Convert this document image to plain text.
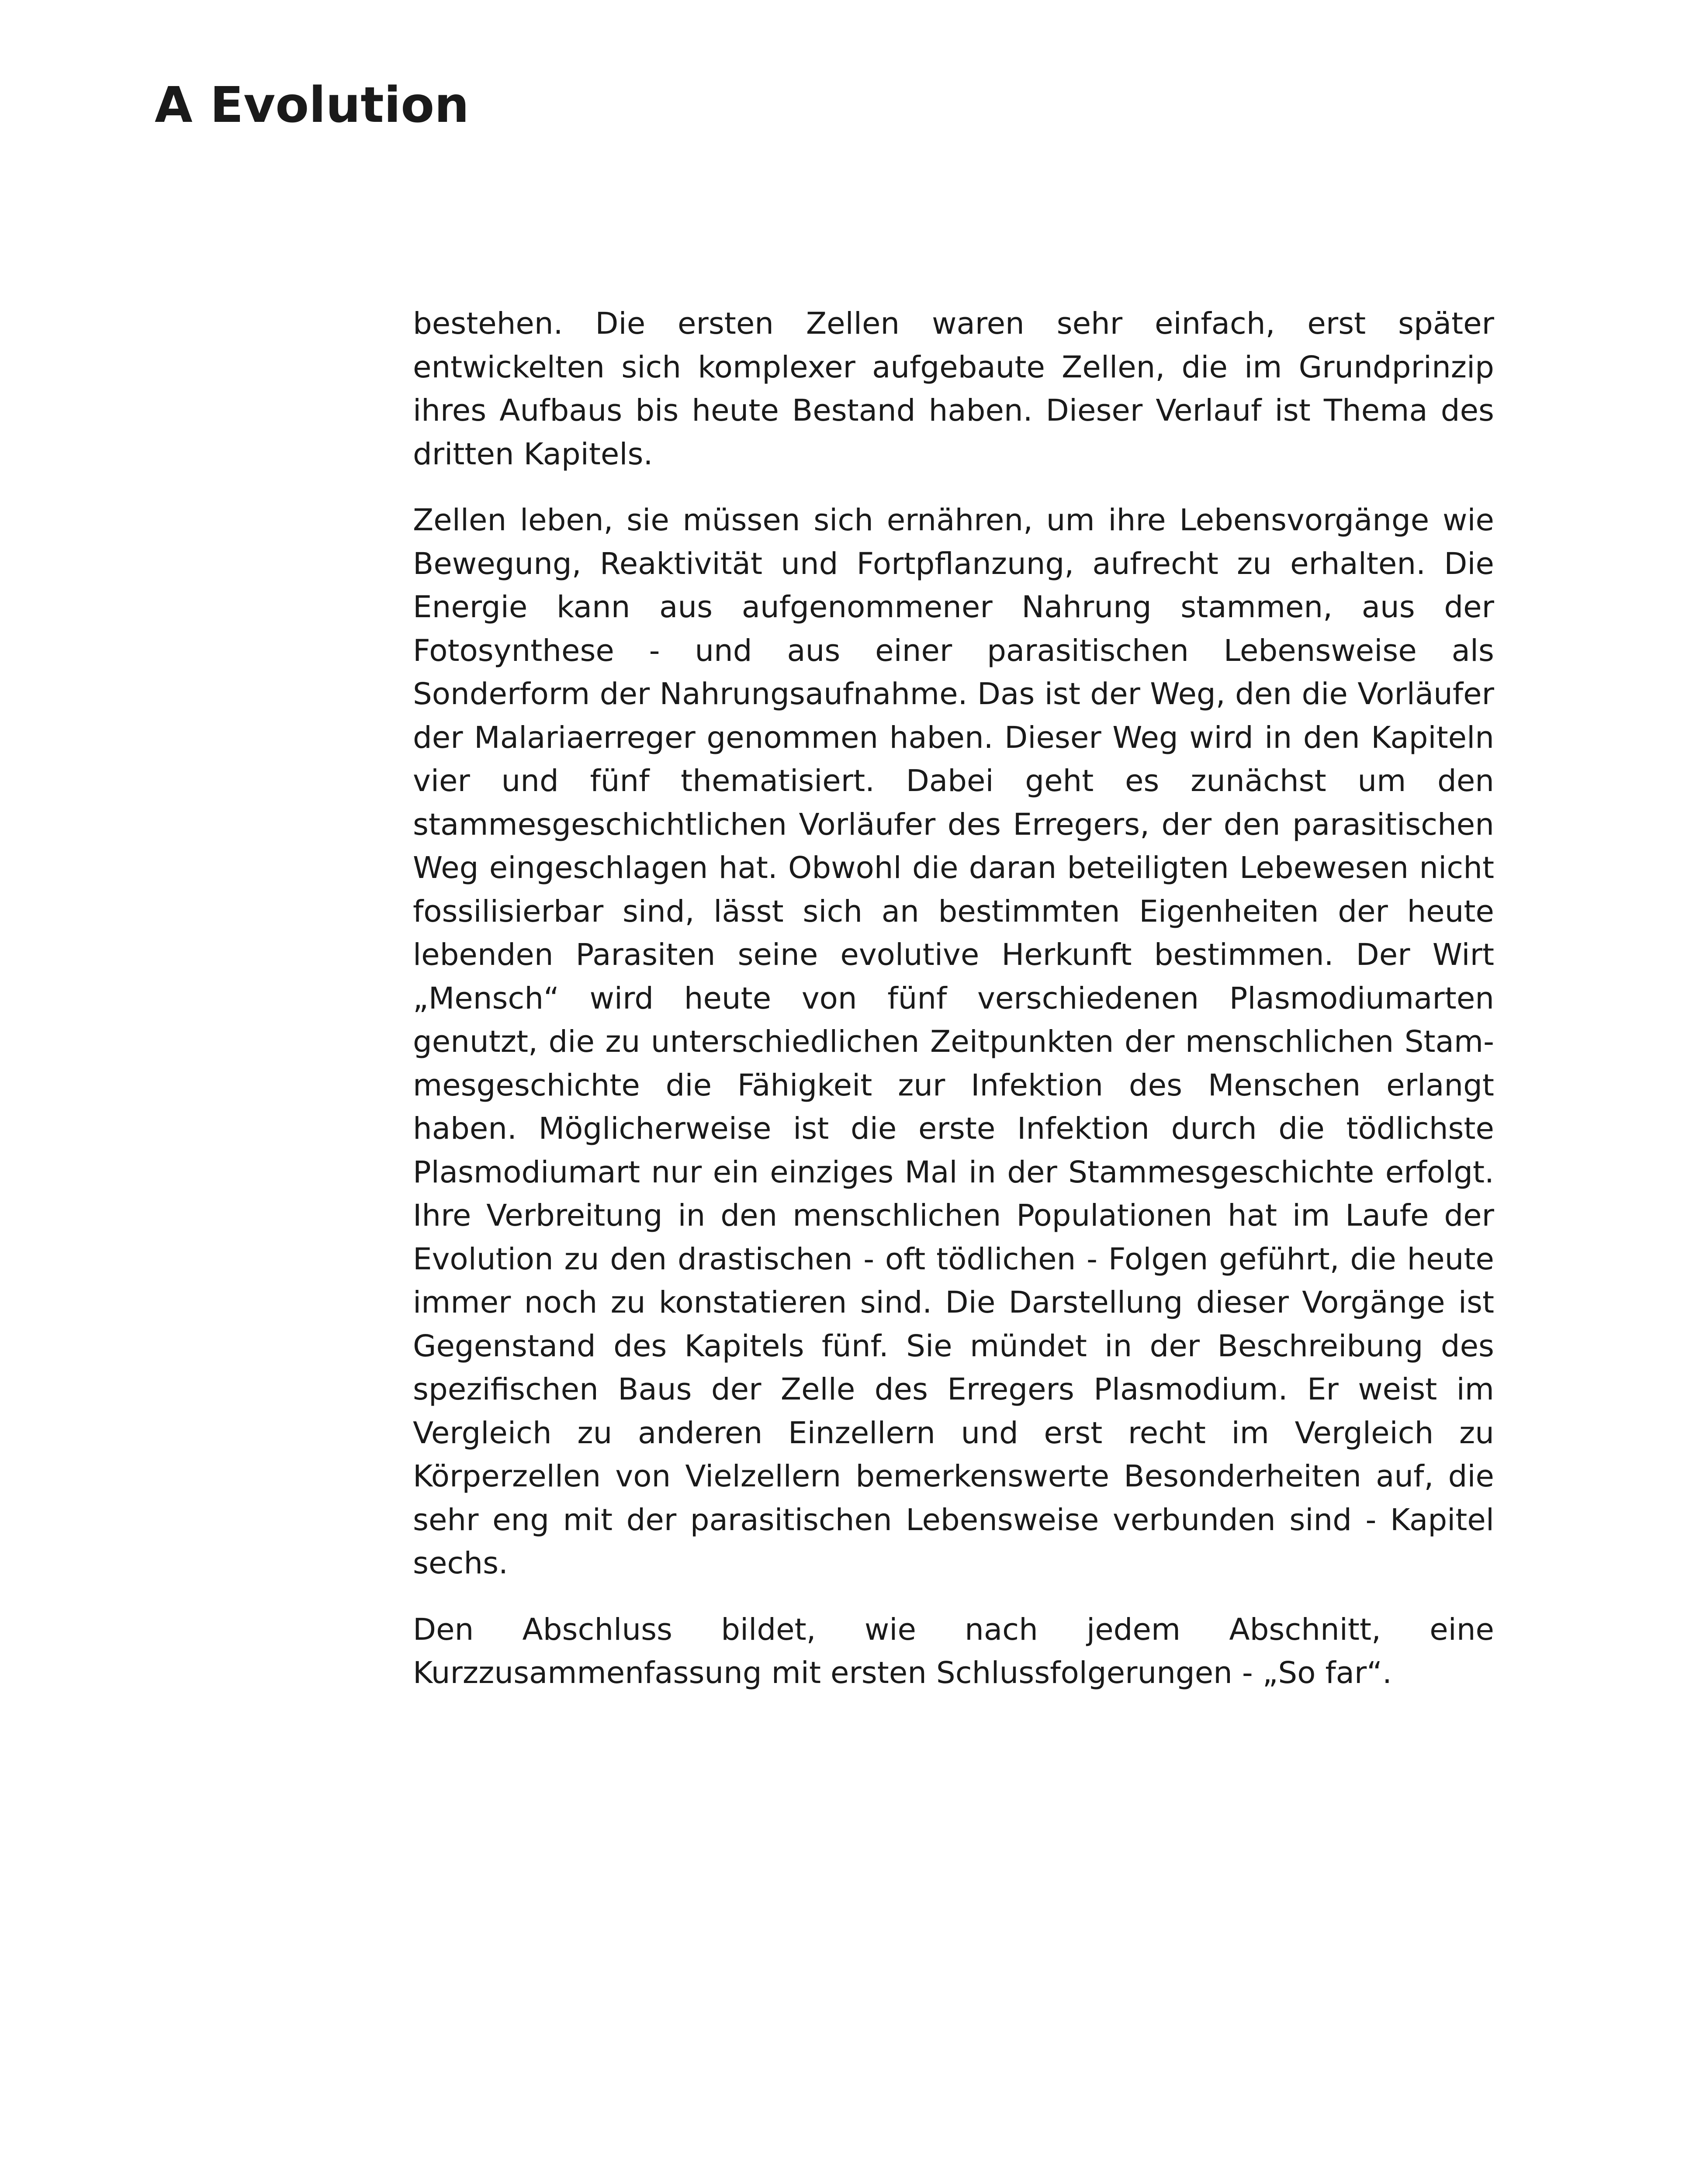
A Evolution

bestehen. Die ersten Zellen waren sehr einfach, erst später entwickelten sich komplexer aufgebaute Zellen, die im Grundprinzip ihres Aufbaus bis heute Bestand haben. Dieser Verlauf ist Thema des dritten Kapitels.

Zellen leben, sie müssen sich ernähren, um ihre Lebensvorgänge wie Bewegung, Reaktivität und Fortpflanzung, aufrecht zu erhalten. Die Energie kann aus aufgenommener Nahrung stammen, aus der Fotosynthese - und aus einer parasitischen Lebensweise als Sonderform der Nahrungsaufnahme. Das ist der Weg, den die Vorläufer der Malariaerreger genommen haben. Dieser Weg wird in den Kapiteln vier und fünf thematisiert. Dabei geht es zunächst um den stammesgeschichtlichen Vorläufer des Erregers, der den parasitischen Weg eingeschlagen hat. Obwohl die daran beteiligten Lebewesen nicht fossilisierbar sind, lässt sich an bestimmten Eigenheiten der heute lebenden Parasiten seine evolutive Herkunft bestimmen. Der Wirt „Mensch“ wird heute von fünf verschiedenen Plasmodiumarten genutzt, die zu unterschiedlichen Zeitpunkten der menschlichen Stammesgeschichte die Fähigkeit zur Infektion des Menschen erlangt haben. Möglicherweise ist die erste Infektion durch die tödlichste Plasmodiumart nur ein einziges Mal in der Stammesgeschichte erfolgt. Ihre Verbreitung in den menschlichen Populationen hat im Laufe der Evolution zu den drastischen - oft tödlichen - Folgen geführt, die heute immer noch zu konstatieren sind. Die Darstellung dieser Vorgänge ist Gegenstand des Kapitels fünf. Sie mündet in der Beschreibung des spezifischen Baus der Zelle des Erregers Plasmodium. Er weist im Vergleich zu anderen Einzellern und erst recht im Vergleich zu Körperzellen von Vielzellern bemerkenswerte Besonderheiten auf, die sehr eng mit der parasitischen Lebensweise verbunden sind - Kapitel sechs.

Den Abschluss bildet, wie nach jedem Abschnitt, eine Kurzzusammenfassung mit ersten Schlussfolgerungen - „So far“.
